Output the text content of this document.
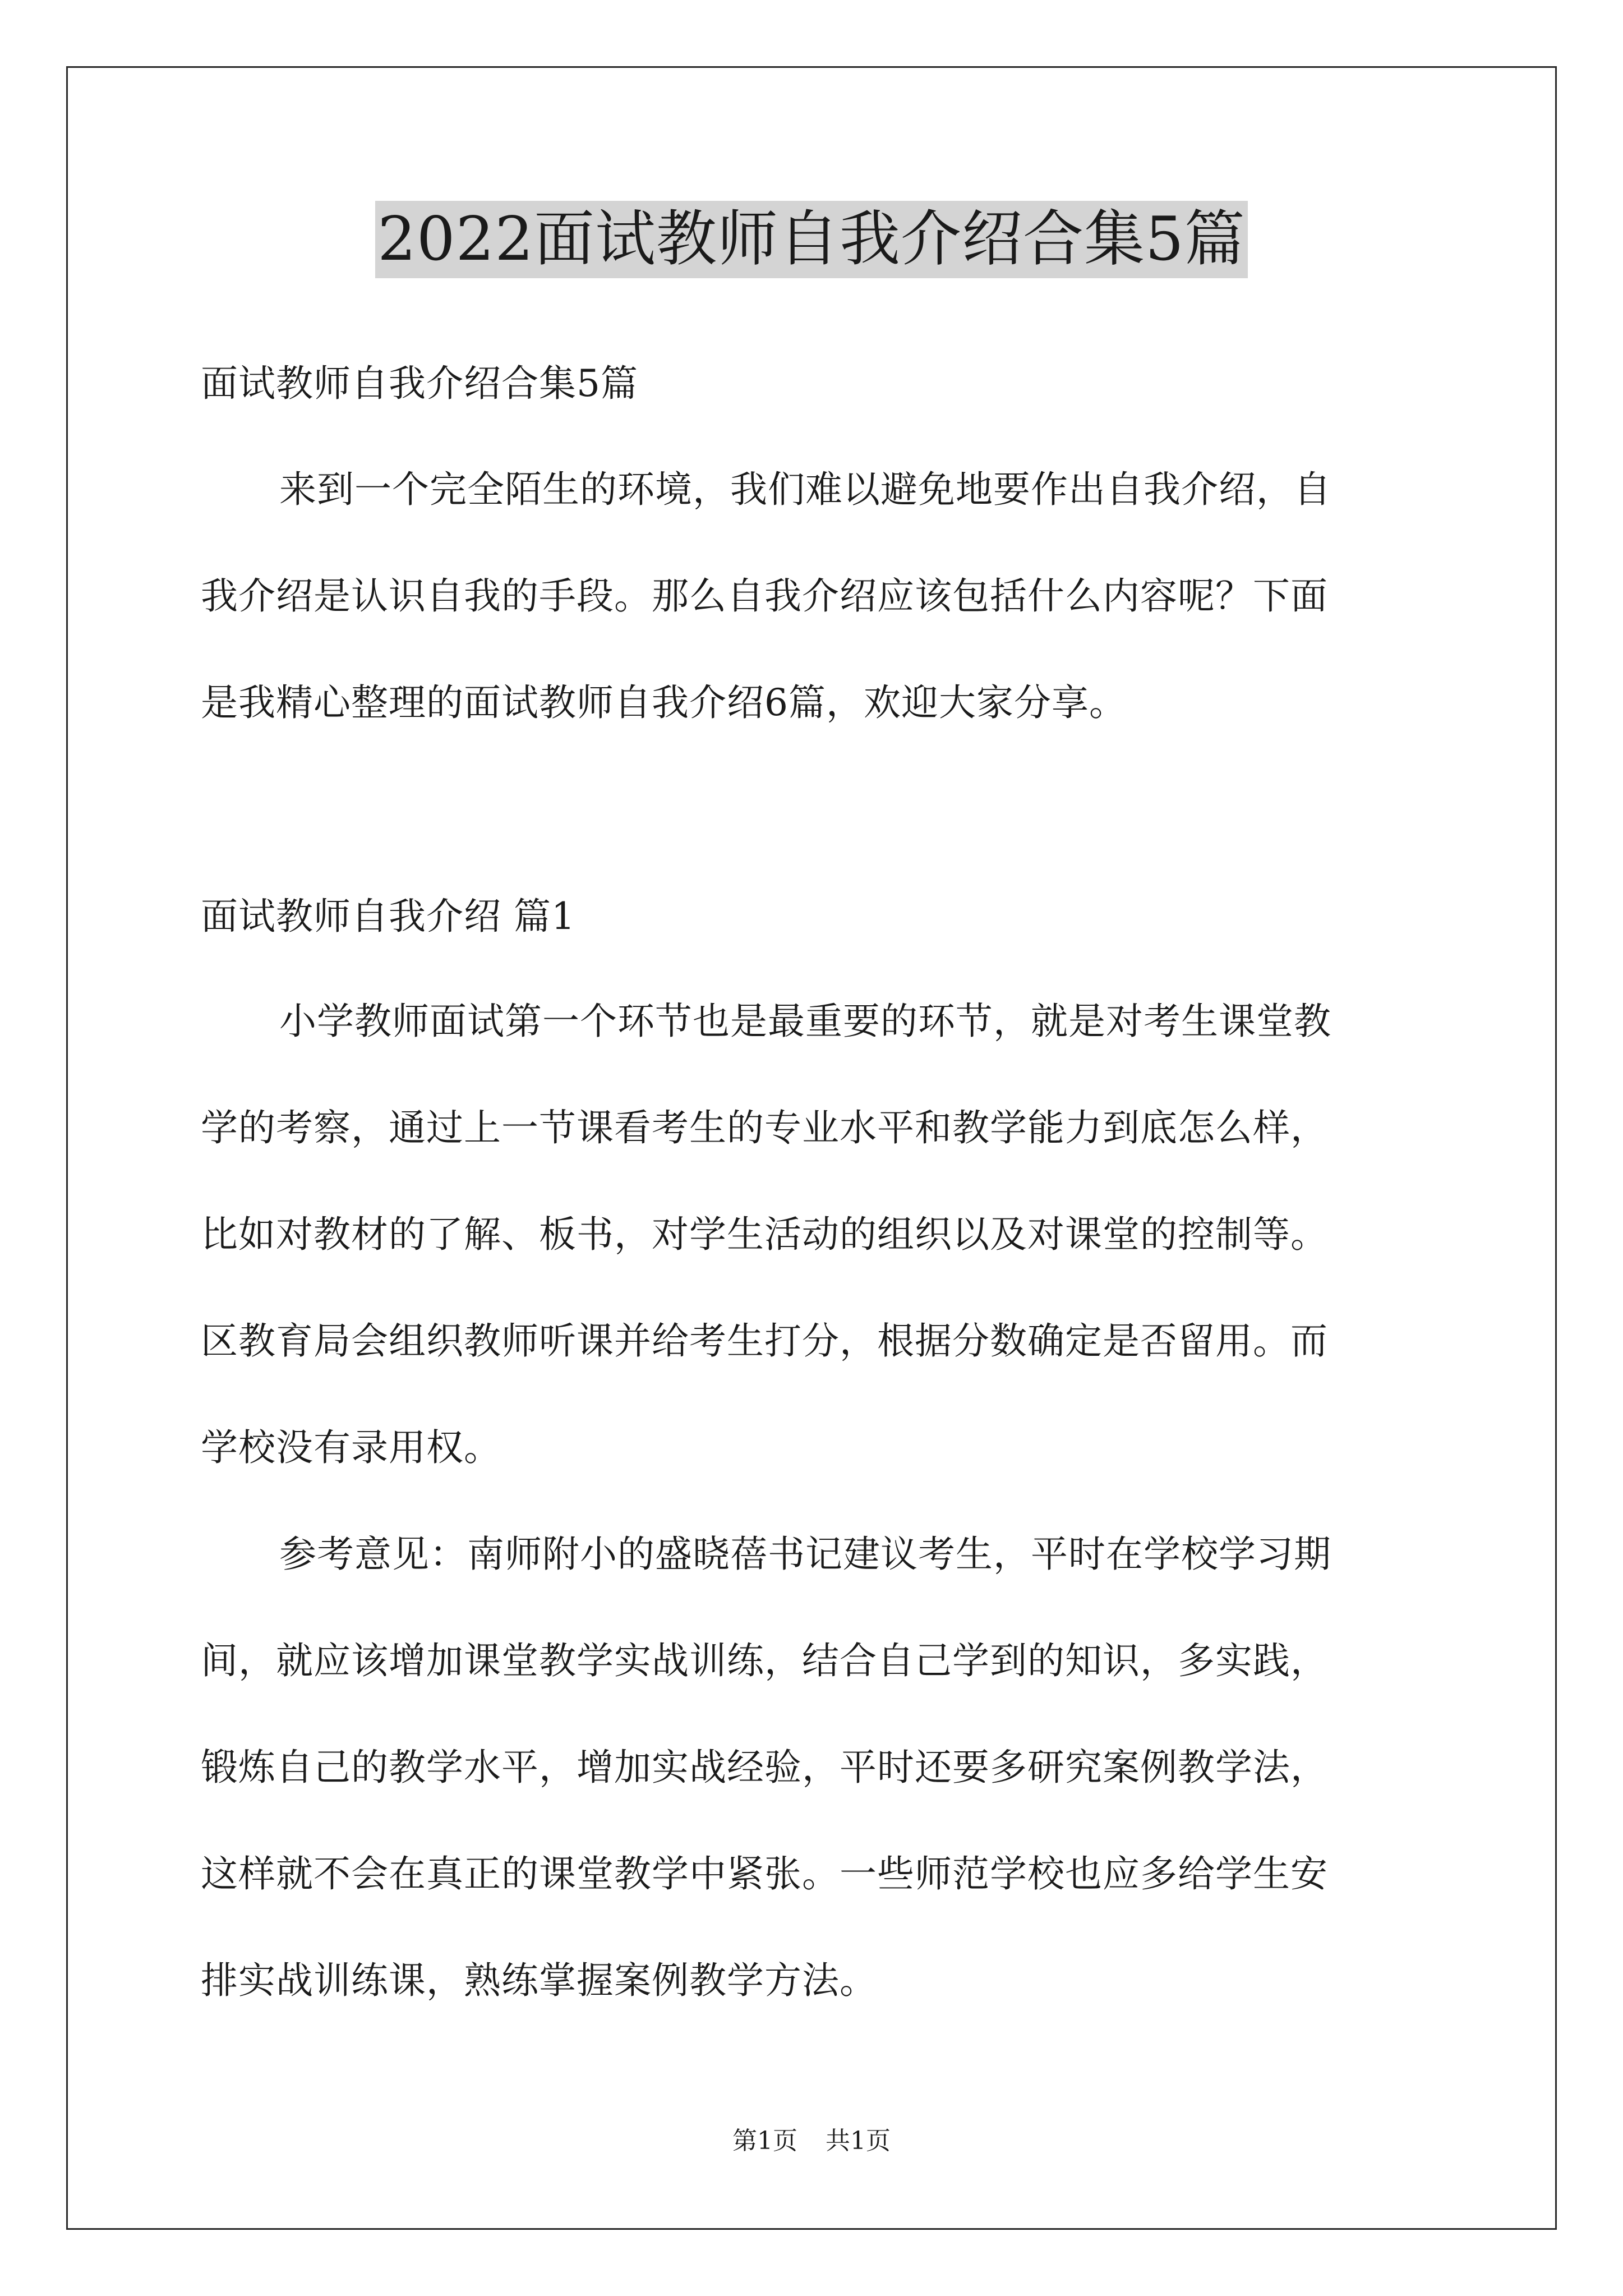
2022面试教师自我介绍合集5篇
面试教师自我介绍合集5篇
来到一个完全陌生的环境，我们难以避免地要作出自我介绍，自
我介绍是认识自我的手段。那么自我介绍应该包括什么内容呢？下面
是我精心整理的面试教师自我介绍6篇，欢迎大家分享。
面试教师自我介绍 篇1
小学教师面试第一个环节也是最重要的环节，就是对考生课堂教
学的考察，通过上一节课看考生的专业水平和教学能力到底怎么样，
比如对教材的了解、板书，对学生活动的组织以及对课堂的控制等。
区教育局会组织教师听课并给考生打分，根据分数确定是否留用。而
学校没有录用权。
参考意见：南师附小的盛晓蓓书记建议考生，平时在学校学习期
间，就应该增加课堂教学实战训练，结合自己学到的知识，多实践，
锻炼自己的教学水平，增加实战经验，平时还要多研究案例教学法，
这样就不会在真正的课堂教学中紧张。一些师范学校也应多给学生安
排实战训练课，熟练掌握案例教学方法。
第1页 共1页
